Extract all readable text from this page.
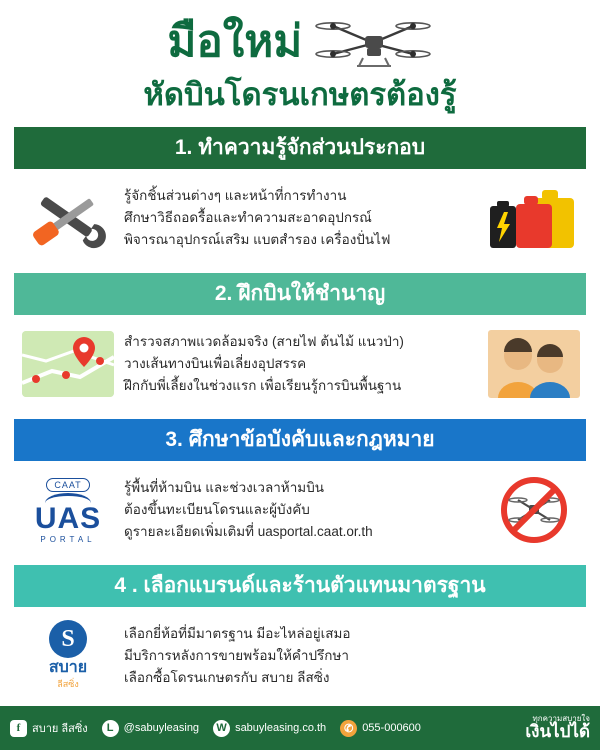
มือใหม่
หัดบินโดรนเกษตรต้องรู้
1. ทำความรู้จักส่วนประกอบ
รู้จักชิ้นส่วนต่างๆ และหน้าที่การทำงาน
ศึกษาวิธีถอดรื้อและทำความสะอาดอุปกรณ์
พิจารณาอุปกรณ์เสริม แบตสำรอง เครื่องปั่นไฟ
2. ฝึกบินให้ชำนาญ
สำรวจสภาพแวดล้อมจริง (สายไฟ ต้นไม้ แนวป่า)
วางเส้นทางบินเพื่อเลี่ยงอุปสรรค
ฝึกกับพี่เลี้ยงในช่วงแรก เพื่อเรียนรู้การบินพื้นฐาน
3. ศึกษาข้อบังคับและกฎหมาย
CAAT
UAS
PORTAL
รู้พื้นที่ห้ามบิน และช่วงเวลาห้ามบิน
ต้องขึ้นทะเบียนโดรนและผู้บังคับ
ดูรายละเอียดเพิ่มเติมที่ uasportal.caat.or.th
4 . เลือกแบรนด์และร้านตัวแทนมาตรฐาน
S
สบาย
ลีสซิ่ง
เลือกยี่ห้อที่มีมาตรฐาน มีอะไหล่อยู่เสมอ
มีบริการหลังการขายพร้อมให้คำปรึกษา
เลือกซื้อโดรนเกษตรกับ สบาย ลีสซิ่ง
f	สบาย ลีสซิ่ง	L @sabuyleasing W sabuyleasing.co.th	✆ 055-000600
ทุกความสบายใจ
เงินไปได้
